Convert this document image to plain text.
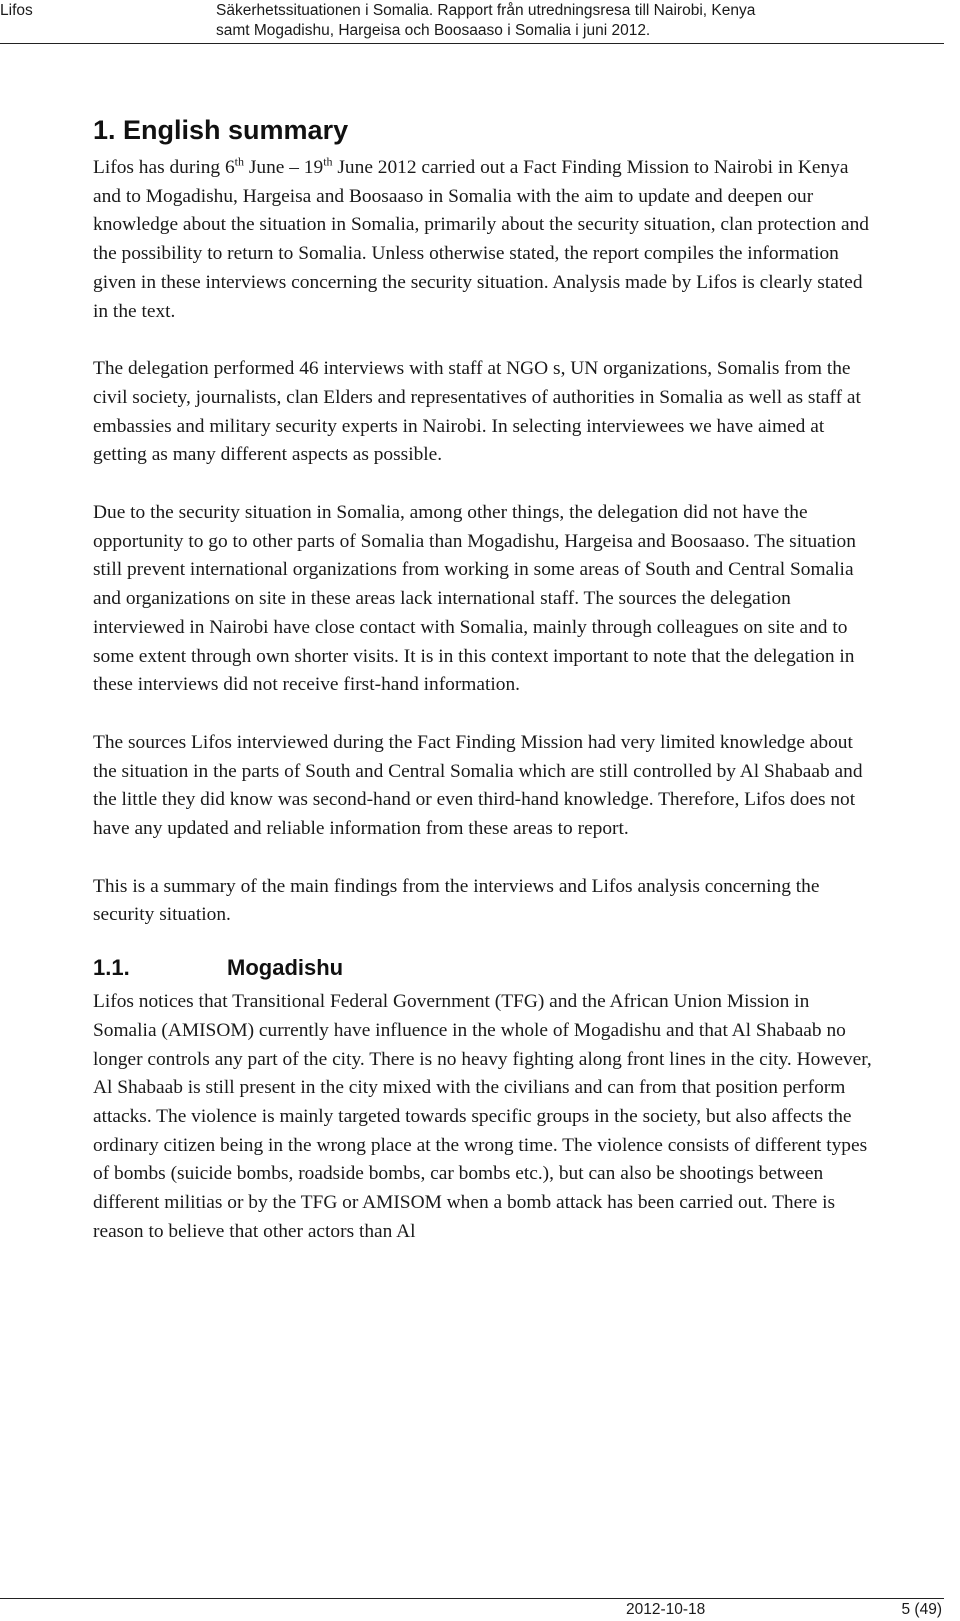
Lifos	Säkerhetssituationen i Somalia. Rapport från utredningsresa till Nairobi, Kenya
samt Mogadishu, Hargeisa och Boosaaso i Somalia i juni 2012.
1. English summary

Lifos has during 6th June – 19th June 2012 carried out a Fact Finding Mission to Nairobi in Kenya and to Mogadishu, Hargeisa and Boosaaso in Somalia with the aim to update and deepen our knowledge about the situation in Somalia, primarily about the security situation, clan protection and the possibility to return to Somalia. Unless otherwise stated, the report compiles the information given in these interviews concerning the security situation. Analysis made by Lifos is clearly stated in the text.

The delegation performed 46 interviews with staff at NGO s, UN organizations, Somalis from the civil society, journalists, clan Elders and representatives of authorities in Somalia as well as staff at embassies and military security experts in Nairobi. In selecting interviewees we have aimed at getting as many different aspects as possible.

Due to the security situation in Somalia, among other things, the delegation did not have the opportunity to go to other parts of Somalia than Mogadishu, Hargeisa and Boosaaso. The situation still prevent international organizations from working in some areas of South and Central Somalia and organizations on site in these areas lack international staff. The sources the delegation interviewed in Nairobi have close contact with Somalia, mainly through colleagues on site and to some extent through own shorter visits. It is in this context important to note that the delegation in these interviews did not receive first-hand information.

The sources Lifos interviewed during the Fact Finding Mission had very limited knowledge about the situation in the parts of South and Central Somalia which are still controlled by Al Shabaab and the little they did know was second-hand or even third-hand knowledge. Therefore, Lifos does not have any updated and reliable information from these areas to report.

This is a summary of the main findings from the interviews and Lifos analysis concerning the security situation.

1.1.	Mogadishu

Lifos notices that Transitional Federal Government (TFG) and the African Union Mission in Somalia (AMISOM) currently have influence in the whole of Mogadishu and that Al Shabaab no longer controls any part of the city. There is no heavy fighting along front lines in the city. However, Al Shabaab is still present in the city mixed with the civilians and can from that position perform attacks. The violence is mainly targeted towards specific groups in the society, but also affects the ordinary citizen being in the wrong place at the wrong time. The violence consists of different types of bombs (suicide bombs, roadside bombs, car bombs etc.), but can also be shootings between different militias or by the TFG or AMISOM when a bomb attack has been carried out. There is reason to believe that other actors than Al

2012-10-18	5 (49)
